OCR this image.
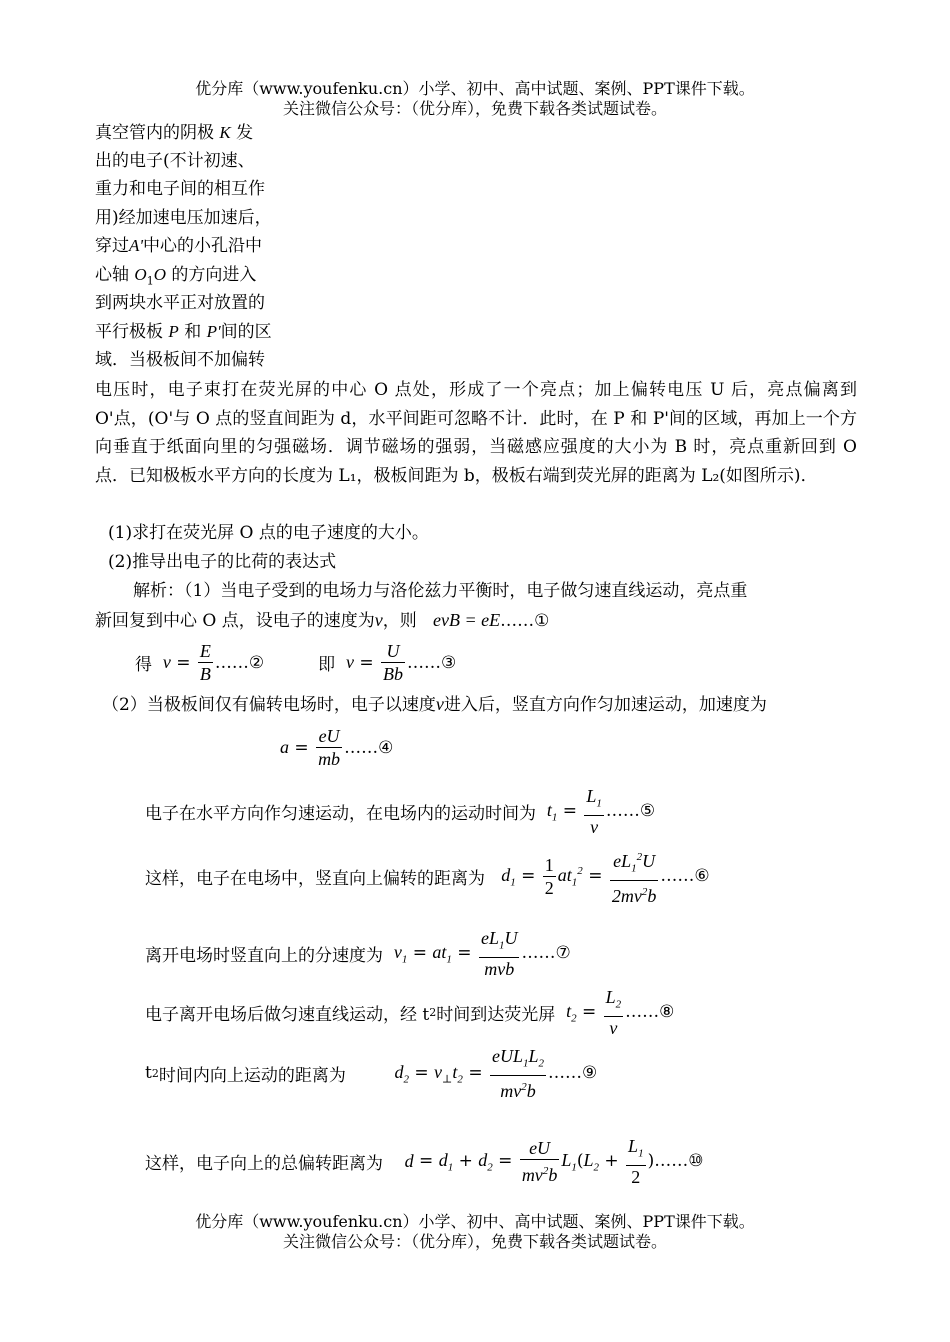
优分库（www.youfenku.cn）小学、初中、高中试题、案例、PPT课件下载。
关注微信公众号：（优分库），免费下载各类试题试卷。
真空管内的阴极 K 发
出的电子(不计初速、
重力和电子间的相互作
用)经加速电压加速后，
穿过A'中心的小孔沿中
心轴 $O_1O$ 的方向进入
到两块水平正对放置的
平行极板 P 和 P'间的区
域．当极板间不加偏转
电压时，电子束打在荧光屏的中心 O 点处，形成了一个亮点；加上偏转电压 U 后，亮点偏离到 O'点，(O'与 O 点的竖直间距为 d，水平间距可忽略不计．此时，在 P 和 P'间的区域，再加上一个方向垂直于纸面向里的匀强磁场．调节磁场的强弱，当磁感应强度的大小为 B 时，亮点重新回到 O 点．已知极板水平方向的长度为 L₁，极板间距为 b，极板右端到荧光屏的距离为 L₂(如图所示)．
(1)求打在荧光屏 O 点的电子速度的大小。
(2)推导出电子的比荷的表达式
解析：（1）当电子受到的电场力与洛伦兹力平衡时，电子做匀速直线运动，亮点重
新回复到中心 O 点，设电子的速度为v，则 evB = eE……①
得
$v = \frac{E}{B}$ ……②
	即
$v = \frac{U}{Bb}$ ……③
（2）当极板间仅有偏转电场时，电子以速度v进入后，竖直方向作匀加速运动，加速度为
$a = \frac{eU}{mb}$ ……④
电子在水平方向作匀速运动，在电场内的运动时间为
$t_1 = \frac{L_1}{v}$ ……⑤
这样，电子在电场中，竖直向上偏转的距离为
$d_1 = \frac{1}{2} at_1^2 = \frac{eL_1^2U}{2mv^2b}$ ……⑥
离开电场时竖直向上的分速度为
$v_1 = at_1 = \frac{eL_1U}{\text{mvb}}$ ……⑦
电子离开电场后做匀速直线运动，经 t 2 时间到达荧光屏
$t_2 = \frac{L_2}{v}$ ……⑧
t 2 时间内向上运动的距离为
	$d_2 = v_\perp t_2 = \frac{eUL_1L_2}{mv^2b}$ ……⑨
这样，电子向上的总偏转距离为
$d = d_1 + d_2 = \frac{eU}{mv^2b} L_1$ ( $L_2 + \frac{L_1}{2}$ ) ……⑩
优分库（www.youfenku.cn）小学、初中、高中试题、案例、PPT课件下载。
关注微信公众号：（优分库），免费下载各类试题试卷。
